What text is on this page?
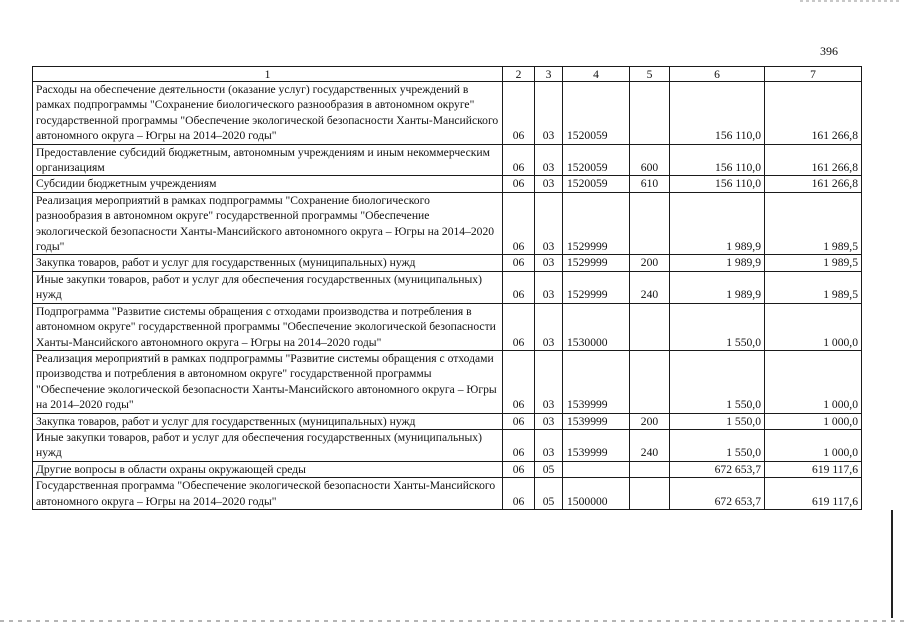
396
1	2	3	4	5	6	7
Расходы на обеспечение деятельности (оказание услуг) государственных учреждений в рамках подпрограммы "Сохранение биологического разнообразия в автономном округе" государственной программы "Обеспечение экологической безопасности Ханты-Мансийского автономного округа – Югры на 2014–2020 годы"	06	03	1520059		156 110,0	161 266,8
Предоставление субсидий бюджетным, автономным учреждениям и иным некоммерческим организациям	06	03	1520059	600	156 110,0	161 266,8
Субсидии бюджетным учреждениям	06	03	1520059	610	156 110,0	161 266,8
Реализация мероприятий в рамках подпрограммы "Сохранение биологического разнообразия в автономном округе" государственной программы "Обеспечение экологической безопасности Ханты-Мансийского автономного округа – Югры на 2014–2020 годы"	06	03	1529999		1 989,9	1 989,5
Закупка товаров, работ и услуг для государственных (муниципальных) нужд	06	03	1529999	200	1 989,9	1 989,5
Иные закупки товаров, работ и услуг для обеспечения государственных (муниципальных) нужд	06	03	1529999	240	1 989,9	1 989,5
Подпрограмма "Развитие системы обращения с отходами производства и потребления в автономном округе" государственной программы "Обеспечение экологической безопасности Ханты-Мансийского автономного округа – Югры на 2014–2020 годы"	06	03	1530000		1 550,0	1 000,0
Реализация мероприятий в рамках подпрограммы "Развитие системы обращения с отходами производства и потребления в автономном округе" государственной программы "Обеспечение экологической безопасности Ханты-Мансийского автономного округа – Югры на 2014–2020 годы"	06	03	1539999		1 550,0	1 000,0
Закупка товаров, работ и услуг для государственных (муниципальных) нужд	06	03	1539999	200	1 550,0	1 000,0
Иные закупки товаров, работ и услуг для обеспечения государственных (муниципальных) нужд	06	03	1539999	240	1 550,0	1 000,0
Другие вопросы в области охраны окружающей среды	06	05			672 653,7	619 117,6
Государственная программа "Обеспечение экологической безопасности Ханты-Мансийского автономного округа – Югры на 2014–2020 годы"	06	05	1500000		672 653,7	619 117,6
